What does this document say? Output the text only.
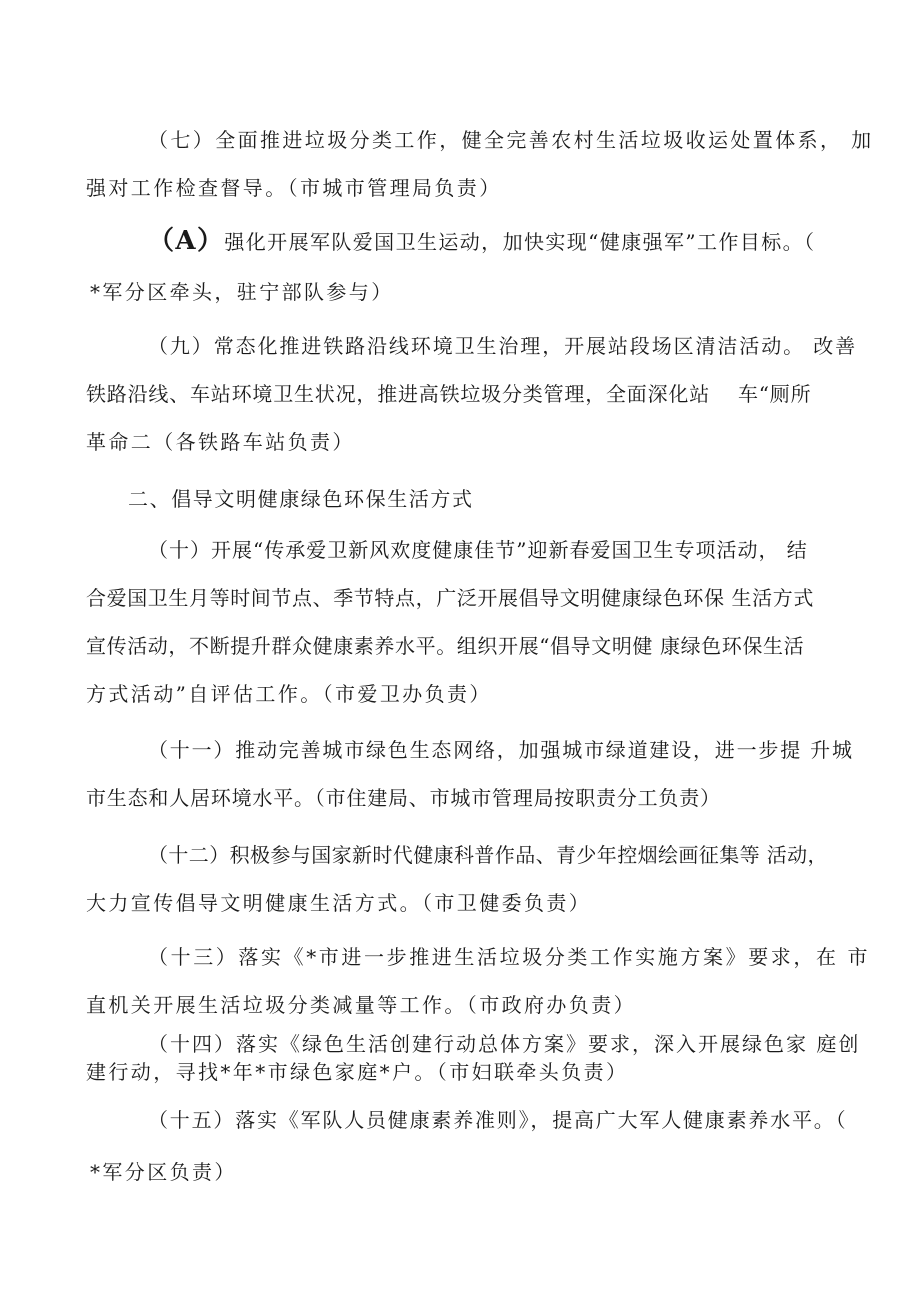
（七）全面推进垃圾分类工作，健全完善农村生活垃圾收运处置体系， 加
强对工作检查督导。（市城市管理局负责）
（A）强化开展军队爱国卫生运动，加快实现“健康强军”工作目标。（
*军分区牵头，驻宁部队参与）
（九）常态化推进铁路沿线环境卫生治理，开展站段场区清洁活动。 改善
铁路沿线、车站环境卫生状况，推进高铁垃圾分类管理，全面深化站　 车“厕所
革命二（各铁路车站负责）
二、倡导文明健康绿色环保生活方式
（十）开展“传承爱卫新风欢度健康佳节”迎新春爱国卫生专项活动， 结
合爱国卫生月等时间节点、季节特点，广泛开展倡导文明健康绿色环保 生活方式
宣传活动，不断提升群众健康素养水平。组织开展“倡导文明健 康绿色环保生活
方式活动”自评估工作。（市爱卫办负责）
（十一）推动完善城市绿色生态网络，加强城市绿道建设，进一步提 升城
市生态和人居环境水平。（市住建局、市城市管理局按职责分工负责）
（十二）积极参与国家新时代健康科普作品、青少年控烟绘画征集等 活动，
大力宣传倡导文明健康生活方式。（市卫健委负责）
（十三）落实《*市进一步推进生活垃圾分类工作实施方案》要求，在 市
直机关开展生活垃圾分类减量等工作。（市政府办负责）
（十四）落实《绿色生活创建行动总体方案》要求，深入开展绿色家 庭创
建行动，寻找*年*市绿色家庭*户。（市妇联牵头负责）
（十五）落实《军队人员健康素养准则》，提高广大军人健康素养水平。（
*军分区负责）
